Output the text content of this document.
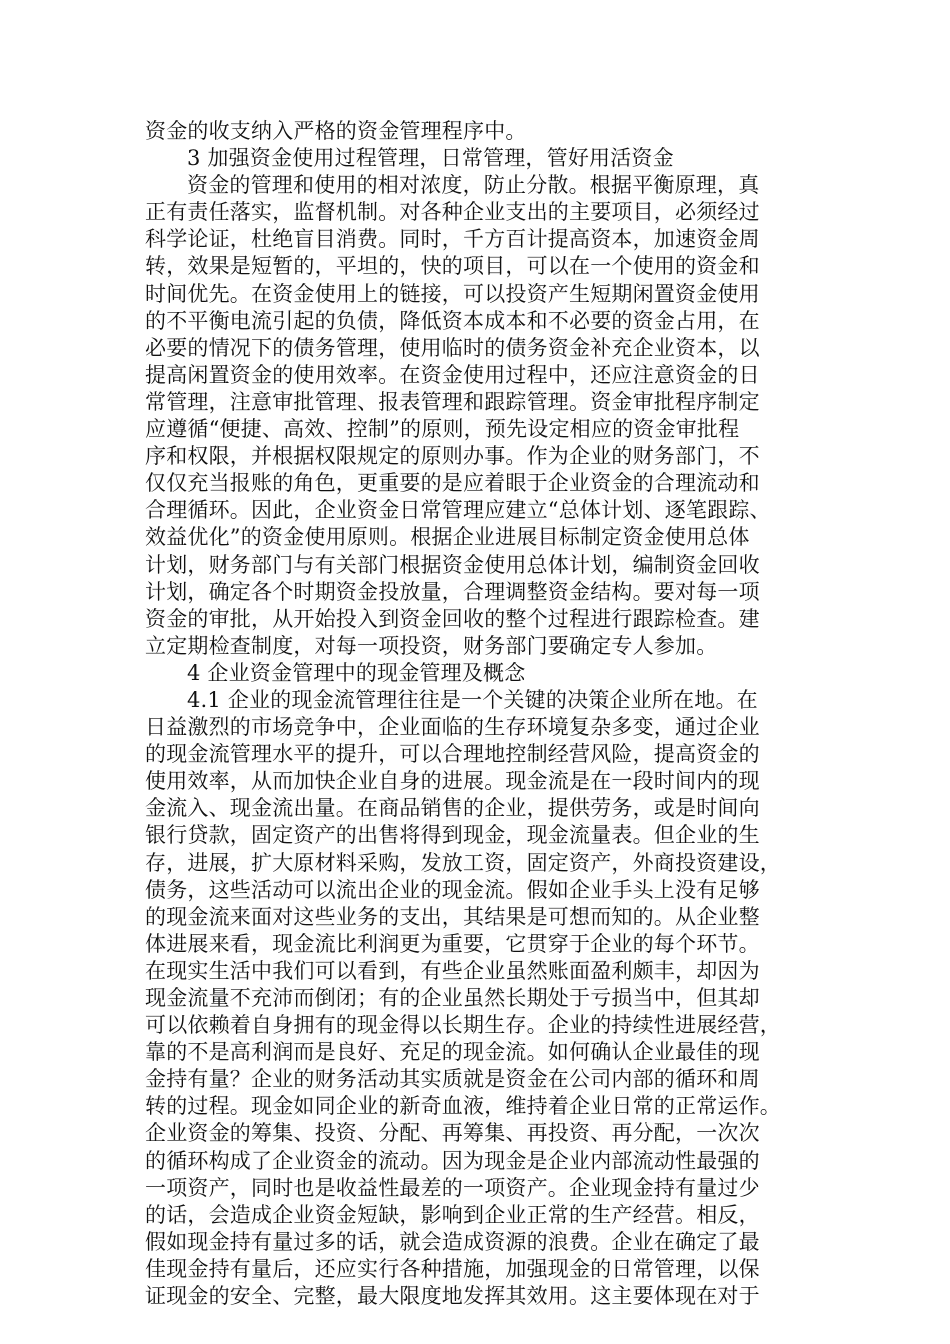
资金的收支纳入严格的资金管理程序中。
3 加强资金使用过程管理，日常管理，管好用活资金
资金的管理和使用的相对浓度，防止分散。根据平衡原理，真
正有责任落实，监督机制。对各种企业支出的主要项目，必须经过
科学论证，杜绝盲目消费。同时，千方百计提高资本，加速资金周
转，效果是短暂的，平坦的，快的项目，可以在一个使用的资金和
时间优先。在资金使用上的链接，可以投资产生短期闲置资金使用
的不平衡电流引起的负债，降低资本成本和不必要的资金占用，在
必要的情况下的债务管理，使用临时的债务资金补充企业资本，以
提高闲置资金的使用效率。在资金使用过程中，还应注意资金的日
常管理，注意审批管理、报表管理和跟踪管理。资金审批程序制定
应遵循“便捷、高效、控制”的原则，预先设定相应的资金审批程
序和权限，并根据权限规定的原则办事。作为企业的财务部门，不
仅仅充当报账的角色，更重要的是应着眼于企业资金的合理流动和
合理循环。因此，企业资金日常管理应建立“总体计划、逐笔跟踪、
效益优化”的资金使用原则。根据企业进展目标制定资金使用总体
计划，财务部门与有关部门根据资金使用总体计划，编制资金回收
计划，确定各个时期资金投放量，合理调整资金结构。要对每一项
资金的审批，从开始投入到资金回收的整个过程进行跟踪检查。建
立定期检查制度，对每一项投资，财务部门要确定专人参加。
4 企业资金管理中的现金管理及概念
4.1 企业的现金流管理往往是一个关键的决策企业所在地。在
日益激烈的市场竞争中，企业面临的生存环境复杂多变，通过企业
的现金流管理水平的提升，可以合理地控制经营风险，提高资金的
使用效率，从而加快企业自身的进展。现金流是在一段时间内的现
金流入、现金流出量。在商品销售的企业，提供劳务，或是时间向
银行贷款，固定资产的出售将得到现金，现金流量表。但企业的生
存，进展，扩大原材料采购，发放工资，固定资产，外商投资建设，
债务，这些活动可以流出企业的现金流。假如企业手头上没有足够
的现金流来面对这些业务的支出，其结果是可想而知的。从企业整
体进展来看，现金流比利润更为重要，它贯穿于企业的每个环节。
在现实生活中我们可以看到，有些企业虽然账面盈利颇丰，却因为
现金流量不充沛而倒闭；有的企业虽然长期处于亏损当中，但其却
可以依赖着自身拥有的现金得以长期生存。企业的持续性进展经营，
靠的不是高利润而是良好、充足的现金流。如何确认企业最佳的现
金持有量？企业的财务活动其实质就是资金在公司内部的循环和周
转的过程。现金如同企业的新奇血液，维持着企业日常的正常运作。
企业资金的筹集、投资、分配、再筹集、再投资、再分配，一次次
的循环构成了企业资金的流动。因为现金是企业内部流动性最强的
一项资产，同时也是收益性最差的一项资产。企业现金持有量过少
的话，会造成企业资金短缺，影响到企业正常的生产经营。相反，
假如现金持有量过多的话，就会造成资源的浪费。企业在确定了最
佳现金持有量后，还应实行各种措施，加强现金的日常管理，以保
证现金的安全、完整，最大限度地发挥其效用。这主要体现在对于
